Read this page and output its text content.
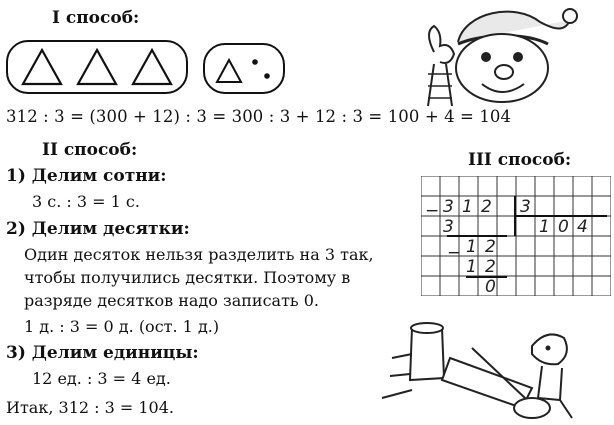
I способ:
312 : 3 = (300 + 12) : 3 = 300 : 3 + 12 : 3 = 100 + 4 = 104
II способ:
1) Делим сотни:
3 с. : 3 = 1 с.
2) Делим десятки:
Один десяток нельзя разделить на 3 так,
чтобы получились десятки. Поэтому в
разряде десятков надо записать 0.
1 д. : 3 = 0 д. (ост. 1 д.)
3) Делим единицы:
12 ед. : 3 = 4 ед.
Итак, 312 : 3 = 104.
III способ:
− 3 1 2 3
3	1 0 4
− 1 2
1 2
0
